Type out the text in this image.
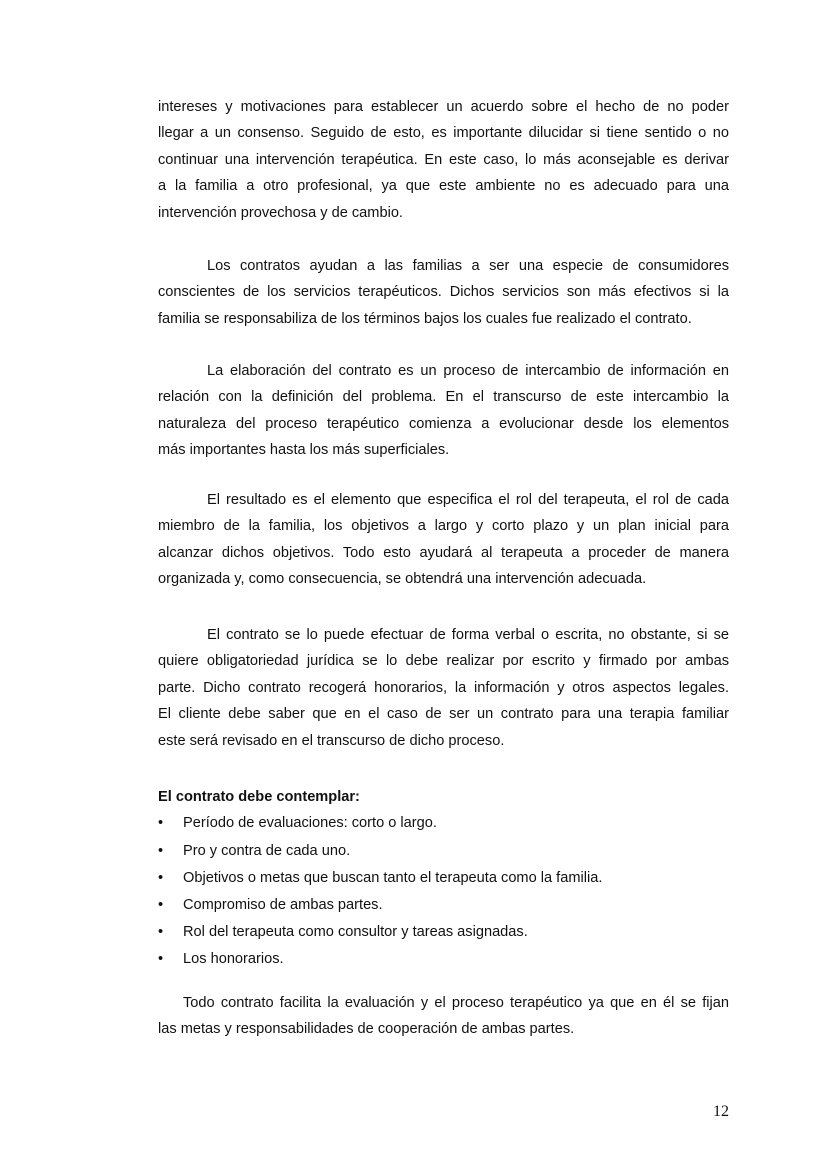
intereses y motivaciones para establecer un acuerdo sobre el hecho de no poder
llegar a un consenso. Seguido de esto, es importante dilucidar si tiene sentido o no
continuar una intervención terapéutica. En este caso, lo más aconsejable es derivar
a la familia a otro profesional, ya que este ambiente no es adecuado para una
intervención provechosa y de cambio.
Los contratos ayudan a las familias a ser una especie de consumidores
conscientes de los servicios terapéuticos. Dichos servicios son más efectivos si la
familia se responsabiliza de los términos bajos los cuales fue realizado el contrato.
La elaboración del contrato es un proceso de intercambio de información en
relación con la definición del problema. En el transcurso de este intercambio la
naturaleza del proceso terapéutico comienza a evolucionar desde los elementos
más importantes hasta los más superficiales.
El resultado es el elemento que especifica el rol del terapeuta, el rol de cada
miembro de la familia, los objetivos a largo y corto plazo y un plan inicial para
alcanzar dichos objetivos. Todo esto ayudará al terapeuta a proceder de manera
organizada y, como consecuencia, se obtendrá una intervención adecuada.
El contrato se lo puede efectuar de forma verbal o escrita, no obstante, si se
quiere obligatoriedad jurídica se lo debe realizar por escrito y firmado por ambas
parte. Dicho contrato recogerá honorarios, la información y otros aspectos legales.
El cliente debe saber que en el caso de ser un contrato para una terapia familiar
este será revisado en el transcurso de dicho proceso.
El contrato debe contemplar:
•	Período de evaluaciones: corto o largo.
•	Pro y contra de cada uno.
•	Objetivos o metas que buscan tanto el terapeuta como la familia.
•	Compromiso de ambas partes.
•	Rol del terapeuta como consultor y tareas asignadas.
•	Los honorarios.
Todo contrato facilita la evaluación y el proceso terapéutico ya que en él se fijan
las metas y responsabilidades de cooperación de ambas partes.
12
